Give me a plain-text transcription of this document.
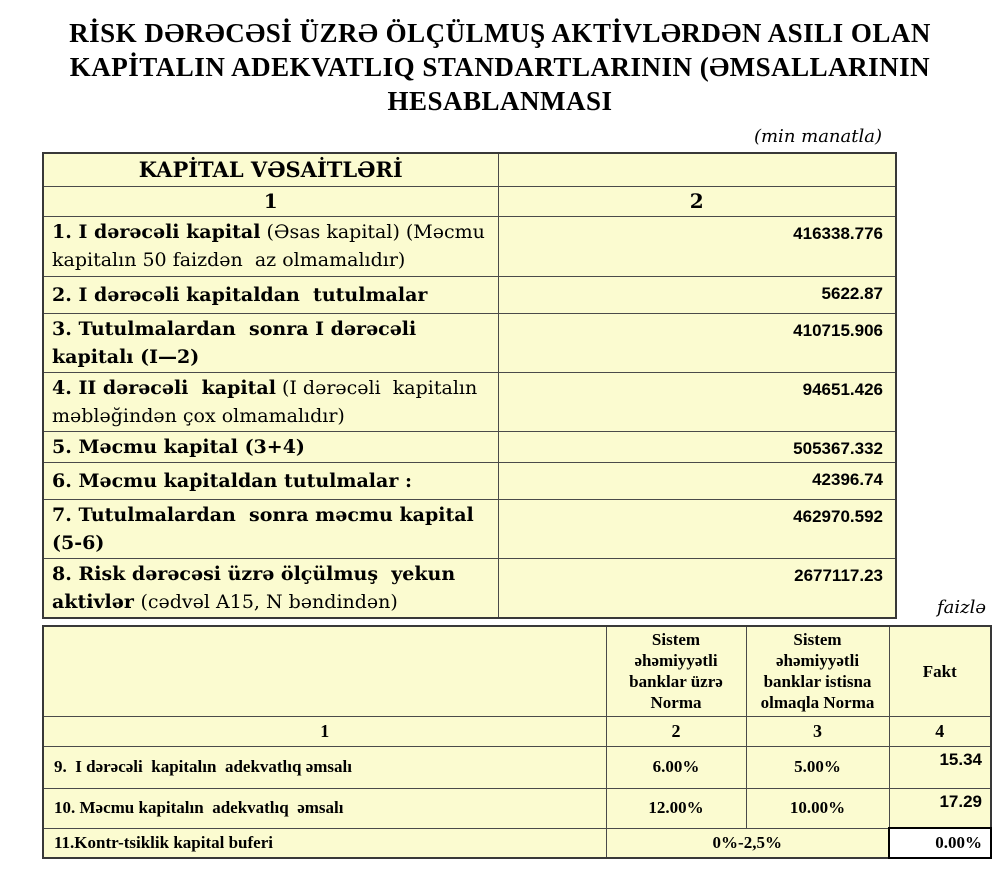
RİSK DƏRƏCƏSİ ÜZRƏ ÖLÇÜLMUŞ AKTİVLƏRDƏN ASILI OLAN
KAPİTALIN ADEKVATLIQ STANDARTLARININ (ƏMSALLARININ
HESABLANMASI
(min manatla)
KAPİTAL VƏSAİTLƏRİ	
1	2
1. I dərəcəli kapital (Əsas kapital) (Məcmu kapitalın 50 faizdən  az olmamalıdır)	416338.776
2. I dərəcəli kapitaldan  tutulmalar	5622.87
3. Tutulmalardan  sonra I dərəcəli kapitalı (I—2)	410715.906
4. II dərəcəli  kapital (I dərəcəli  kapitalın məbləğindən çox olmamalıdır)	94651.426
5. Məcmu kapital (3+4)	505367.332
6. Məcmu kapitaldan tutulmalar :	42396.74
7. Tutulmalardan  sonra məcmu kapital (5-6)	462970.592
8. Risk dərəcəsi üzrə ölçülmuş  yekun aktivlər (cədvəl A15, N bəndindən)	2677117.23
faizlə
	Sistem əhəmiyyətli banklar üzrə Norma	Sistem əhəmiyyətli banklar istisna olmaqla Norma	Fakt
1	2	3	4
9.  I dərəcəli  kapitalın  adekvatlıq əmsalı	6.00%	5.00%	15.34
10. Məcmu kapitalın  adekvatlıq  əmsalı	12.00%	10.00%	17.29
11.Kontr-tsiklik kapital buferi	0%-2,5%		0.00%
